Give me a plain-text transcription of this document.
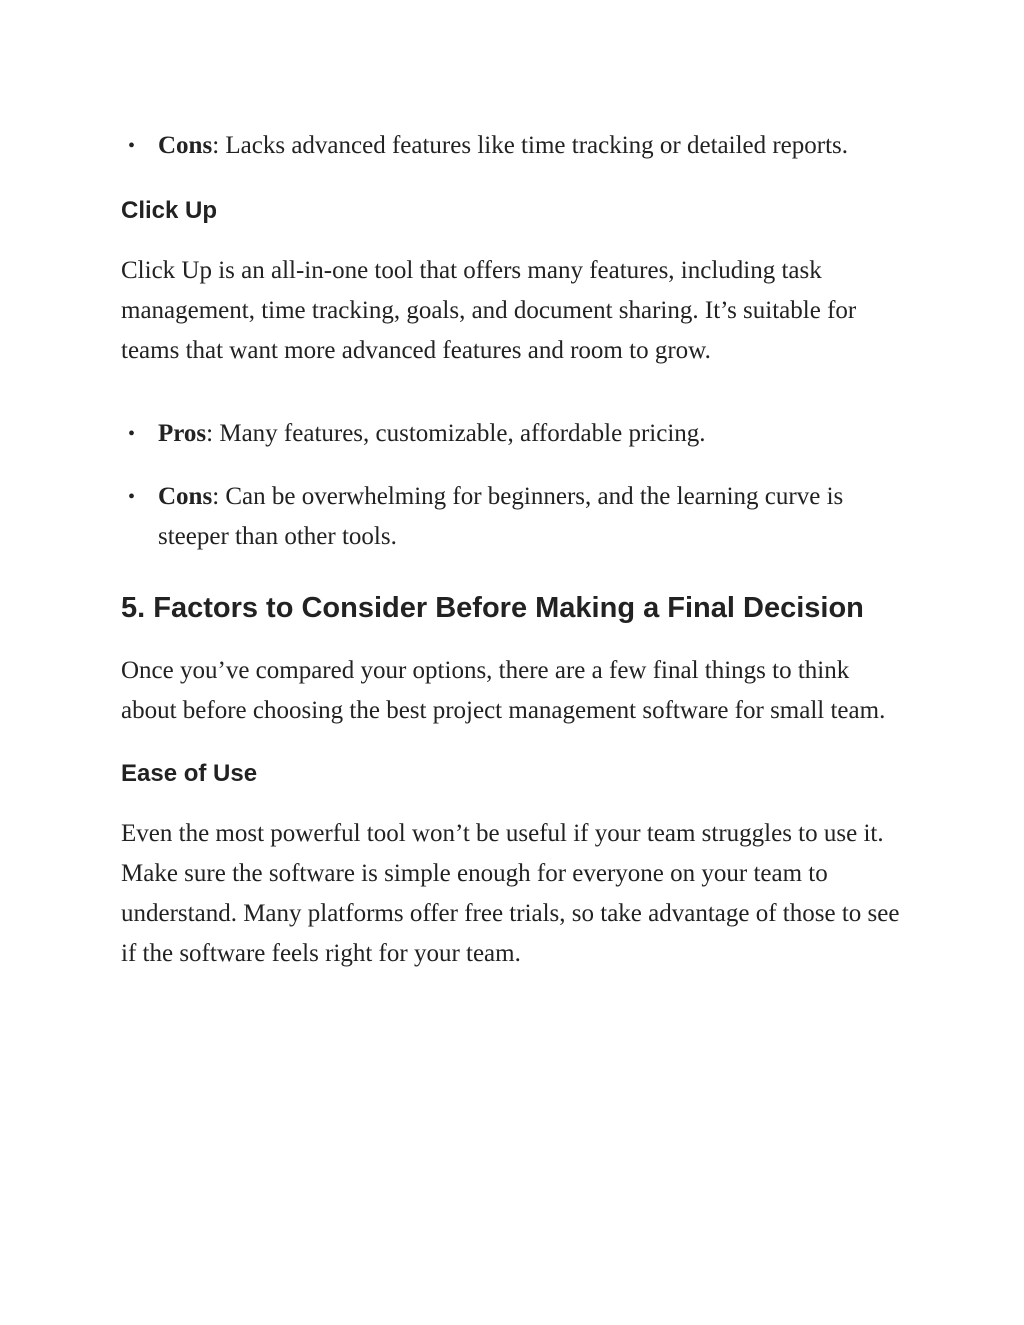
• Cons: Lacks advanced features like time tracking or detailed reports.
Click Up

Click Up is an all-in-one tool that offers many features, including task management, time tracking, goals, and document sharing. It’s suitable for teams that want more advanced features and room to grow.

• Pros: Many features, customizable, affordable pricing.
• Cons: Can be overwhelming for beginners, and the learning curve is steeper than other tools.
5. Factors to Consider Before Making a Final Decision

Once you’ve compared your options, there are a few final things to think about before choosing the best project management software for small team.

Ease of Use

Even the most powerful tool won’t be useful if your team struggles to use it. Make sure the software is simple enough for everyone on your team to understand. Many platforms offer free trials, so take advantage of those to see if the software feels right for your team.
